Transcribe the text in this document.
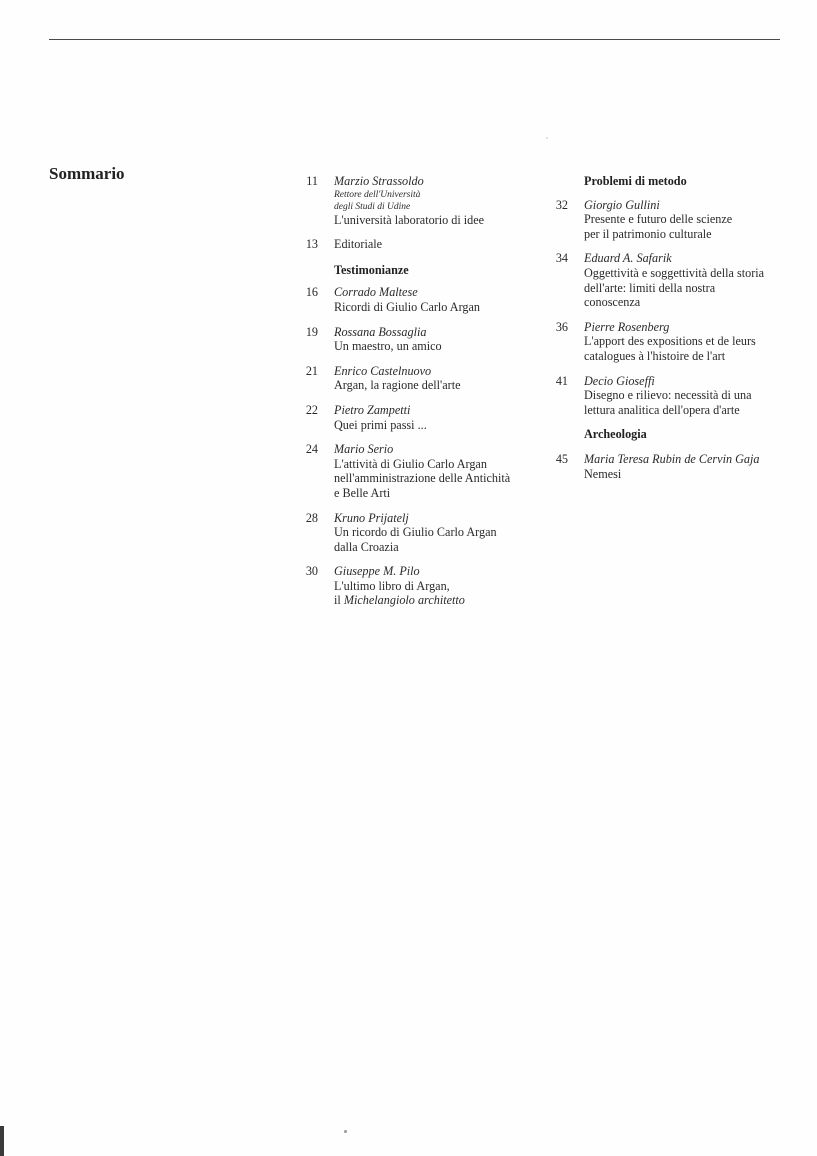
Sommario	11 Marzio Strassoldo
Rettore dell'Università
degli Studi di Udine
L'università laboratorio di idee
13 Editoriale
Testimonianze
16 Corrado Maltese
Ricordi di Giulio Carlo Argan
19 Rossana Bossaglia
Un maestro, un amico
21 Enrico Castelnuovo
Argan, la ragione dell'arte
22 Pietro Zampetti
Quei primi passi ...
24 Mario Serio
L'attività di Giulio Carlo Argan
nell'amministrazione delle Antichità
e Belle Arti
28 Kruno Prijatelj
Un ricordo di Giulio Carlo Argan
dalla Croazia
30 Giuseppe M. Pilo
L'ultimo libro di Argan,
il Michelangiolo architetto
Problemi di metodo
32 Giorgio Gullini
Presente e futuro delle scienze
per il patrimonio culturale
34 Eduard A. Safarik
Oggettività e soggettività della storia
dell'arte: limiti della nostra
conoscenza
36 Pierre Rosenberg
L'apport des expositions et de leurs
catalogues à l'histoire de l'art
41 Decio Gioseffi
Disegno e rilievo: necessità di una
lettura analitica dell'opera d'arte
Archeologia
45 Maria Teresa Rubin de Cervin Gaja
Nemesi
